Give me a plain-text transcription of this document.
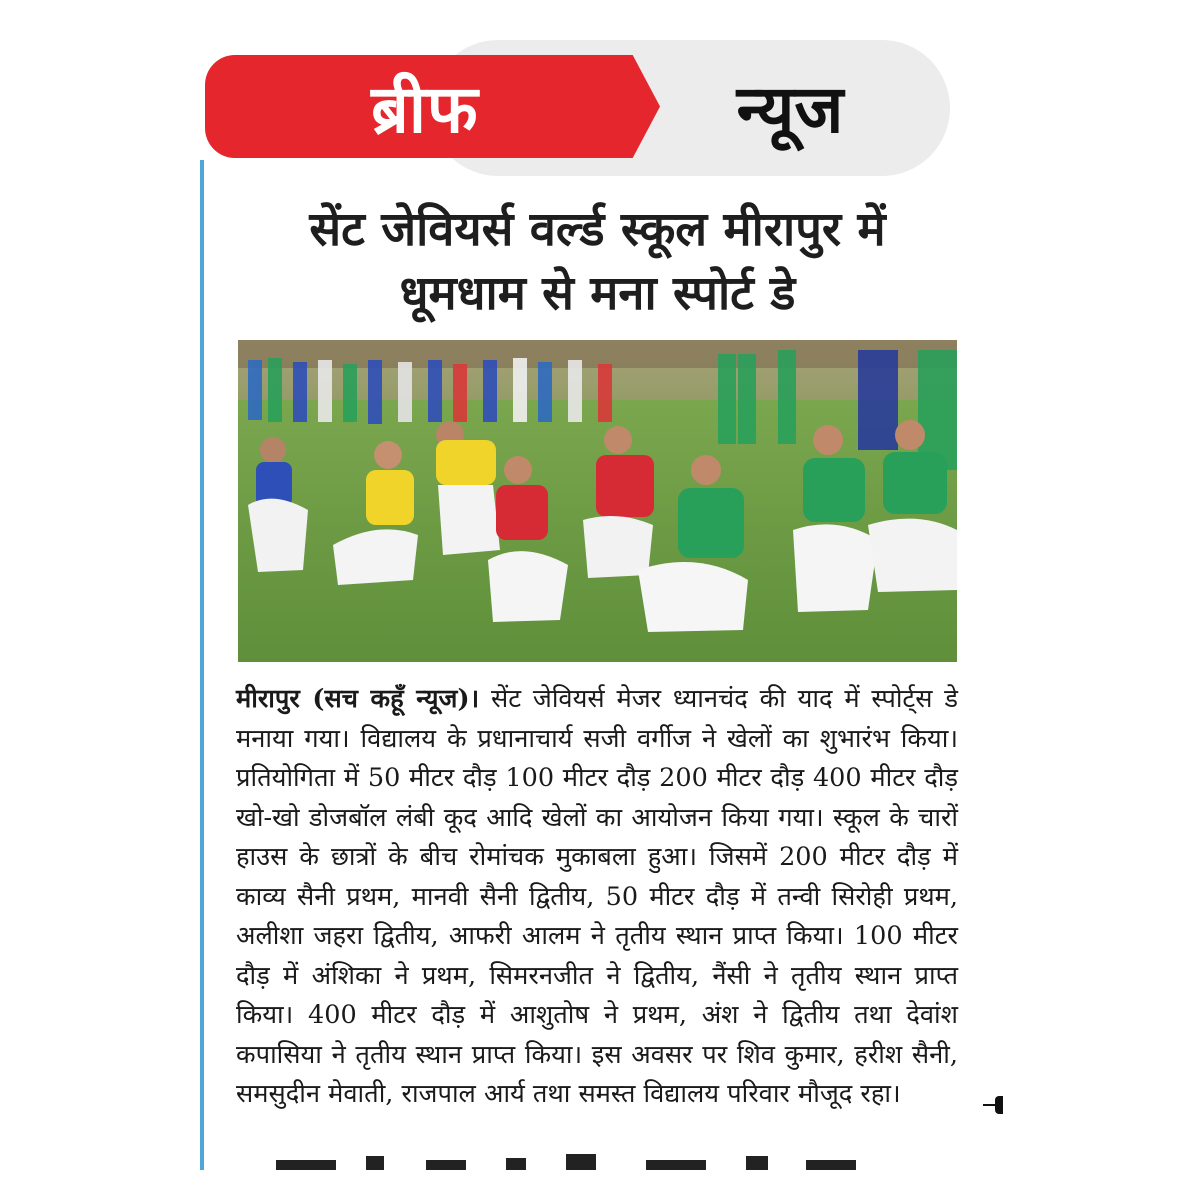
ब्रीफ	न्यूज
सेंट जेवियर्स वर्ल्ड स्कूल मीरापुर में
धूमधाम से मना स्पोर्ट डे
मीरापुर (सच कहूँ न्यूज)। सेंट जेवियर्स मेजर ध्यानचंद की याद में स्पोर्ट्स डे मनाया गया। विद्यालय के प्रधानाचार्य सजी वर्गीज ने खेलों का शुभारंभ किया। प्रतियोगिता में 50 मीटर दौड़ 100 मीटर दौड़ 200 मीटर दौड़ 400 मीटर दौड़ खो-खो डोजबॉल लंबी कूद आदि खेलों का आयोजन किया गया। स्कूल के चारों हाउस के छात्रों के बीच रोमांचक मुकाबला हुआ। जिसमें 200 मीटर दौड़ में काव्य सैनी प्रथम, मानवी सैनी द्वितीय, 50 मीटर दौड़ में तन्वी सिरोही प्रथम, अलीशा जहरा द्वितीय, आफरी आलम ने तृतीय स्थान प्राप्त किया। 100 मीटर दौड़ में अंशिका ने प्रथम, सिमरनजीत ने द्वितीय, नैंसी ने तृतीय स्थान प्राप्त किया। 400 मीटर दौड़ में आशुतोष ने प्रथम, अंश ने द्वितीय तथा देवांश कपासिया ने तृतीय स्थान प्राप्त किया। इस अवसर पर शिव कुमार, हरीश सैनी, समसुदीन मेवाती, राजपाल आर्य तथा समस्त विद्यालय परिवार मौजूद रहा।
